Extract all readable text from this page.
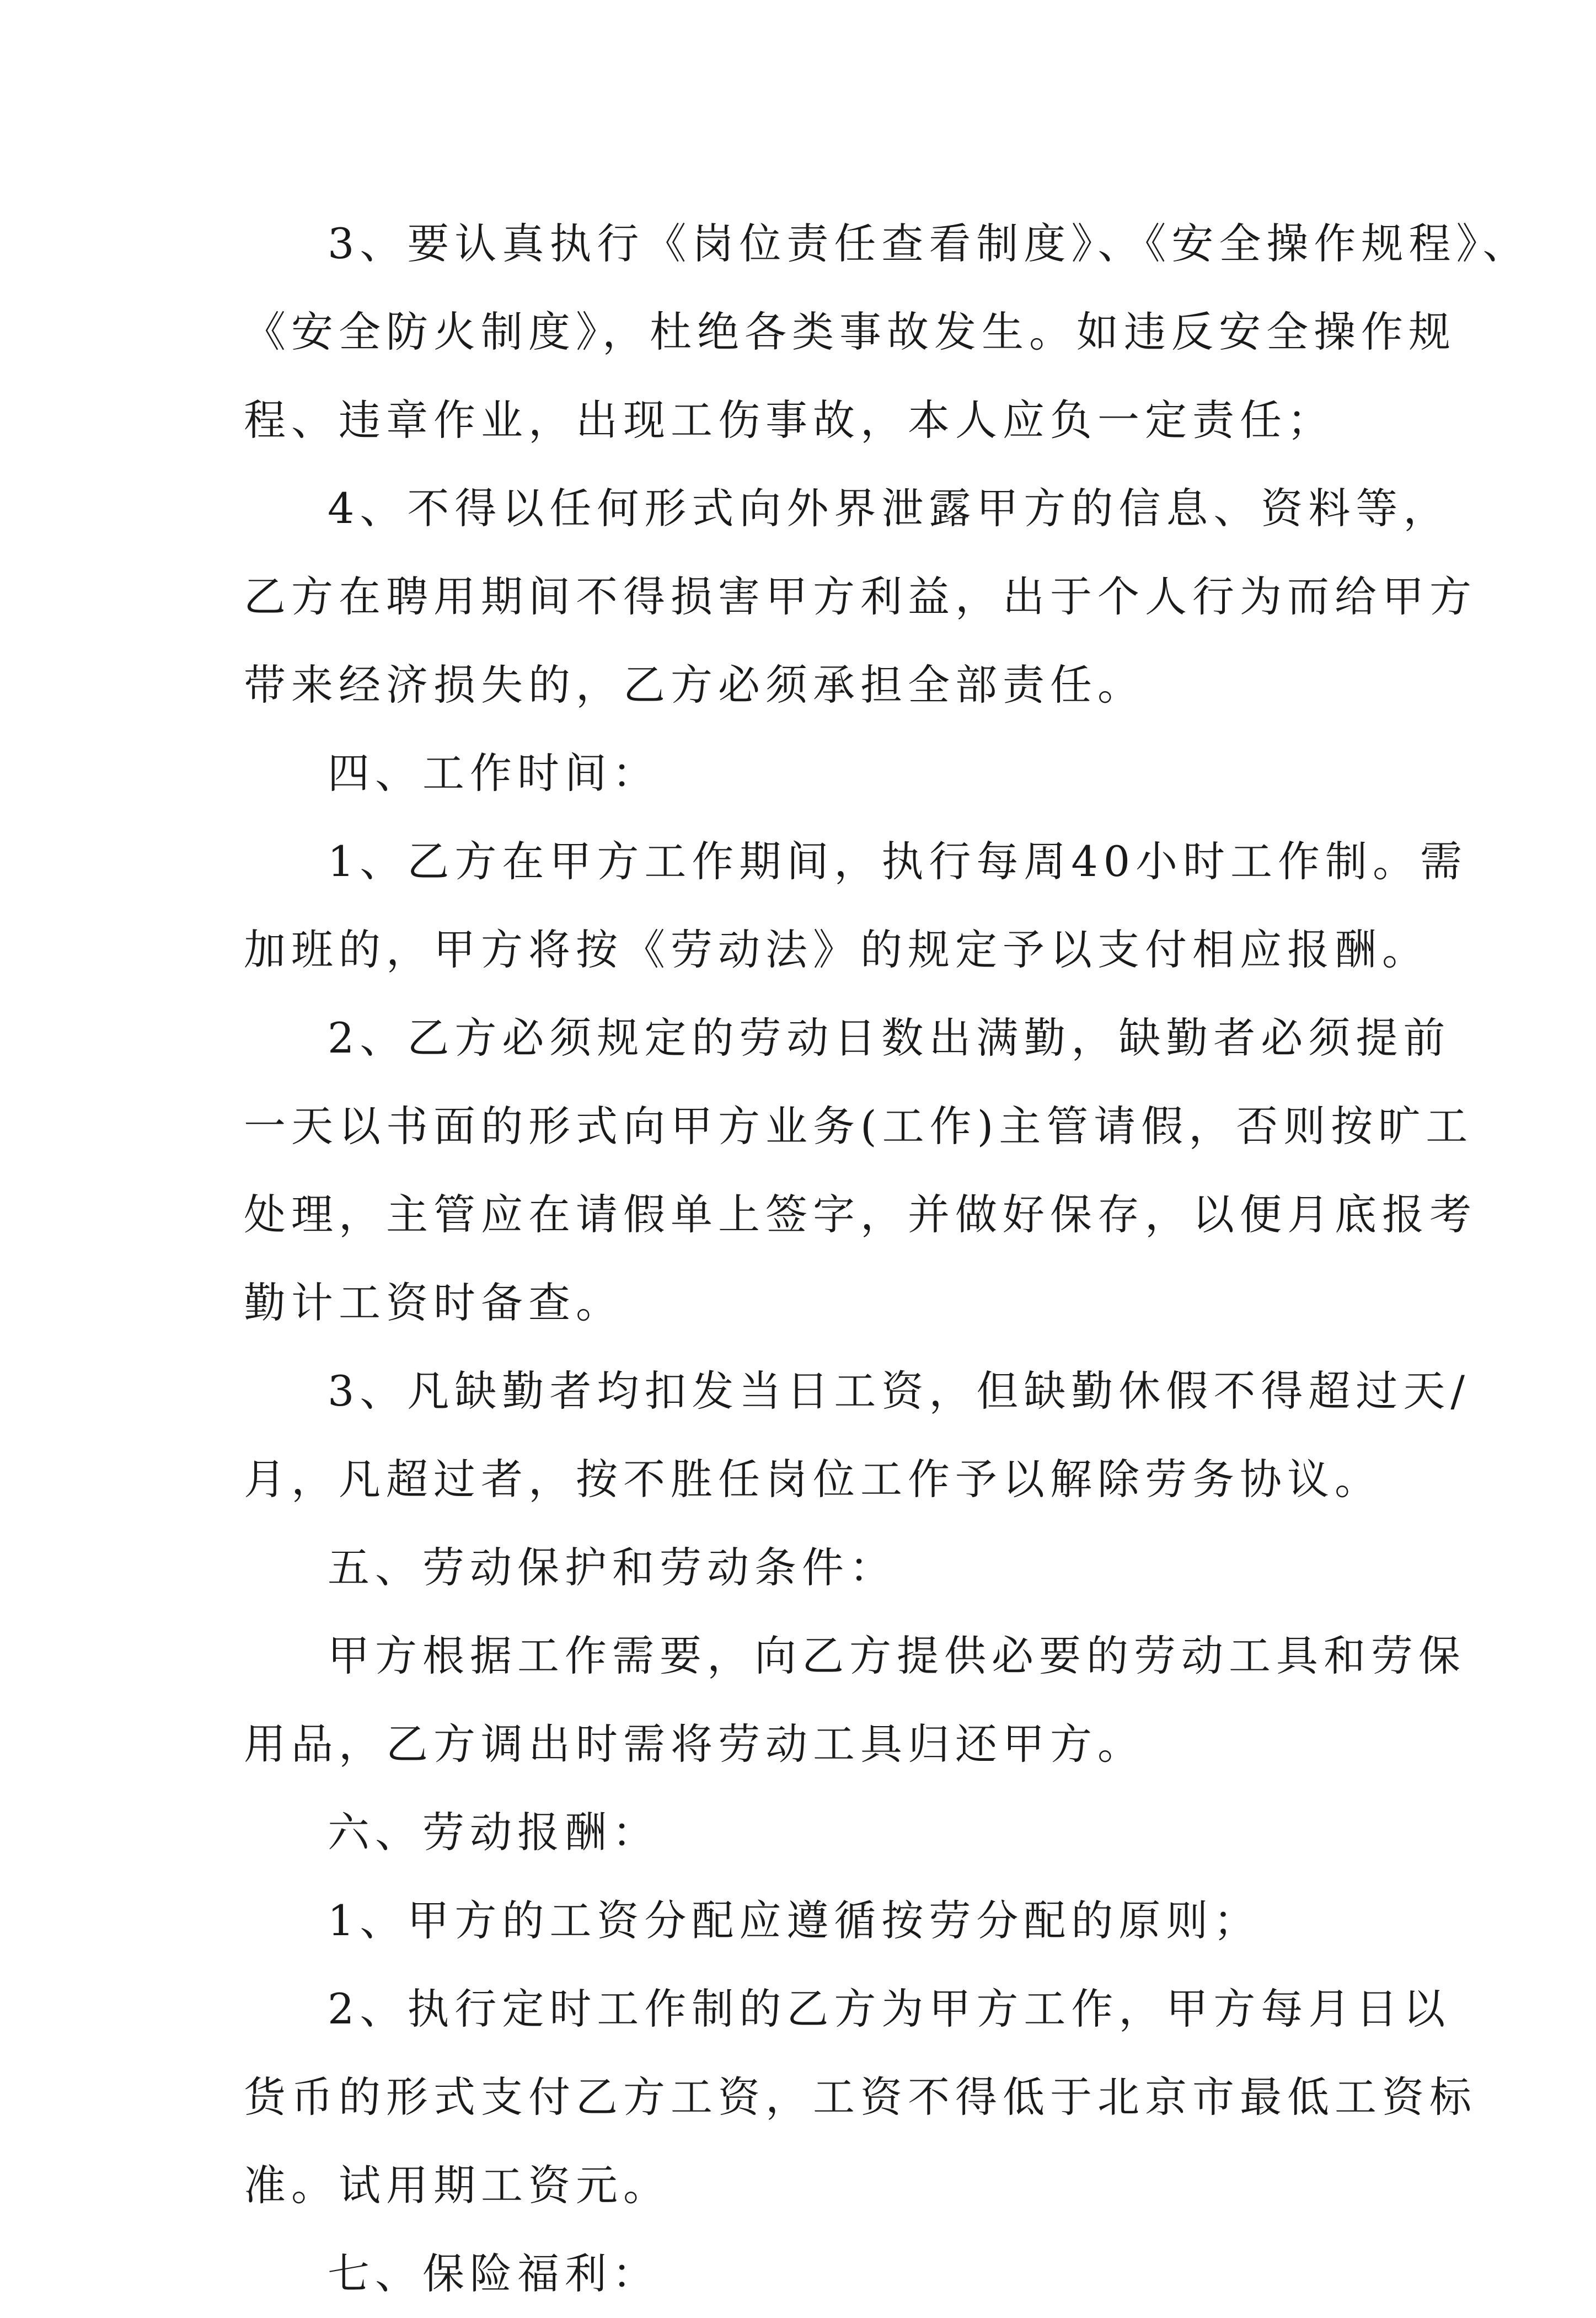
3、要认真执行《岗位责任查看制度》、《安全操作规程》、
《安全防火制度》，杜绝各类事故发生。如违反安全操作规
程、违章作业，出现工伤事故，本人应负一定责任；
4、不得以任何形式向外界泄露甲方的信息、资料等，
乙方在聘用期间不得损害甲方利益，出于个人行为而给甲方
带来经济损失的，乙方必须承担全部责任。
四、工作时间：
1、乙方在甲方工作期间，执行每周40小时工作制。需
加班的，甲方将按《劳动法》的规定予以支付相应报酬。
2、乙方必须规定的劳动日数出满勤，缺勤者必须提前
一天以书面的形式向甲方业务(工作)主管请假，否则按旷工
处理，主管应在请假单上签字，并做好保存，以便月底报考
勤计工资时备查。
3、凡缺勤者均扣发当日工资，但缺勤休假不得超过天/
月，凡超过者，按不胜任岗位工作予以解除劳务协议。
五、劳动保护和劳动条件：
甲方根据工作需要，向乙方提供必要的劳动工具和劳保
用品，乙方调出时需将劳动工具归还甲方。
六、劳动报酬：
1、甲方的工资分配应遵循按劳分配的原则；
2、执行定时工作制的乙方为甲方工作，甲方每月日以
货币的形式支付乙方工资，工资不得低于北京市最低工资标
准。试用期工资元。
七、保险福利：
